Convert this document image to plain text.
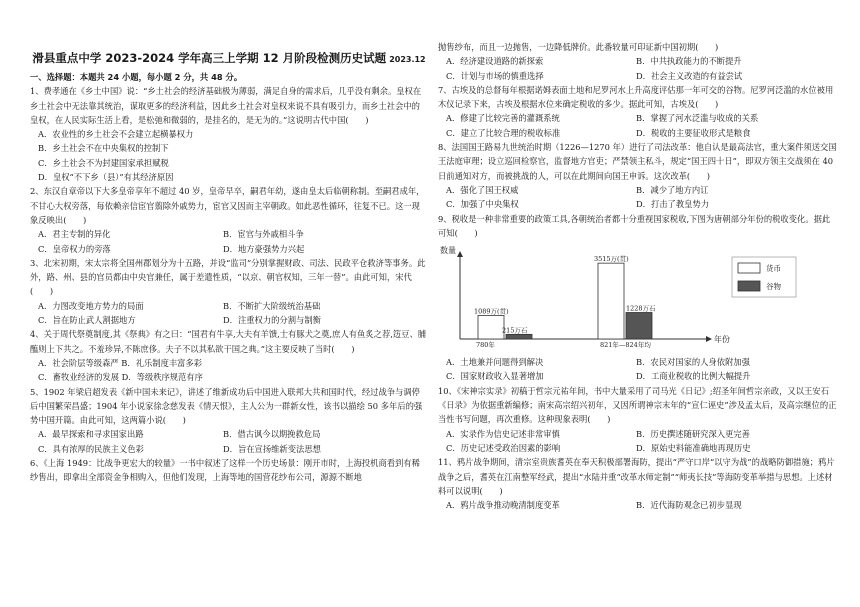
滑县重点中学 2023-2024 学年高三上学期 12 月阶段检测历史试题 2023.12

一、选择题：本题共 24 小题，每小题 2 分，共 48 分。

1、费孝通在《乡土中国》说：“乡土社会的经济基础极为薄弱，满足自身的需求后，几乎没有剩余。皇权在乡土社会中无法靠其统治，谋取更多的经济利益，因此乡土社会对皇权来说不具有吸引力，而乡土社会中的皇权，在人民实际生活上看，是松弛和微弱的，是挂名的，是无为的。”这说明古代中国(　　)

A．农业性的乡土社会不会建立起横暴权力

B．乡土社会不在中央集权的控制下

C．乡土社会不为封建国家承担赋税

D．皇权“不下乡（县）”有其经济原因

2、东汉自章帝以下大多皇帝享年不超过 40 岁，皇帝早卒，嗣君年幼，遂由皇太后临朝称制。至嗣君成年，不甘心大权旁落，每依赖亲信宦官翦除外戚势力，宦官又因而主宰朝政。如此恶性循环，往复不已。这一现象反映出(　　)

A．君主专制的异化	B．宦官与外戚相斗争
C．皇帝权力的旁落	D．地方豪强势力兴起

3、北宋初期，宋太宗将全国州郡划分为十五路，并设“监司”分别掌握财政、司法、民政平仓救济等事务。此外，路、州、县的官员都由中央官兼任，属于差遣性质，“以京、朝官权知，三年一替”。由此可知，宋代(　　)

A．力图改变地方势力的局面	B．不断扩大阶级统治基础
C．旨在防止武人割据地方	D．注重权力的分割与制衡

4、关于周代祭奠制度,其《祭典》有之曰：“国君有牛享,大夫有羊馈,士有豚犬之奠,庶人有鱼炙之荐,笾豆、脯醢则上下共之。不羞珍异,不陈庶侈。夫子不以其私欲干国之典。”这主要反映了当时(　　)

A．社会阶层等级森严 B．礼乐制度丰富多彩

C．畜牧业经济的发展 D．等级秩序规范有序

5、1902 年梁启超发表《新中国未来记》，讲述了维新成功后中国进入联邦大共和国时代，经过战争与调停后中国繁荣昌盛；1904 年小说家徐念慈发表《情天恨》，主人公为一群新女性，该书以描绘 50 多年后的强势中国开篇。由此可知，这两篇小说(　　)

A．最早探索和寻求国家出路	B．借古讽今以期挽救危局
C．具有浓厚的民族主义色彩	D．旨在宣扬维新变法思想

6、《上海 1949：比战争更宏大的较量》一书中叙述了这样一个历史场景：刚开市时，上海投机商看到有稀纱售出，即拿出全部资金争相购入，但他们发现，上海等地的国营花纱布公司，源源不断地

抛售纱布，而且一边抛售，一边降低牌价。此番较量可印证新中国初期(　　)

A．经济建设道路的新探索	B．中共执政能力的不断提升
C．计划与市场的慎重选择	D．社会主义改造的有益尝试

7、古埃及的总督每年根据诺姆表面土地和尼罗河水上升高度评估那一年可交的谷物。尼罗河泛滥的水位被用木仪记录下来，古埃及根据水位来确定税收的多少。据此可知，古埃及(　　)

A．修建了比较完善的灌溉系统	B．掌握了河水泛滥与收成的关系
C．建立了比较合理的税收标准	D．税收的主要征收形式是粮食

8、法国国王路易九世统治时期（1226—1270 年）进行了司法改革：他自认是最高法官，重大案件须送交国王法庭审理；设立巡回检察官，监督地方官吏；严禁领主私斗，规定“国王四十日”，即双方领主交战须在 40 日前通知对方，而被挑战的人，可以在此期间向国王申诉。这次改革(　　)

A．强化了国王权威	B．减少了地方内讧
C．加强了中央集权	D．打击了教皇势力

9、税收是一种非常重要的政策工具,各朝统治者都十分重视国家税收,下图为唐朝部分年份的税收变化。据此可知(　　)

数量
年份
1089万(贯)
215万石
780年
3515万(贯)
1228万石
821年—824年均
货币
谷物
A．土地兼并问题得到解决	B．农民对国家的人身依附加强
C．国家财政收入显著增加	D．工商业税收的比例大幅提升

10、《宋神宗实录》初稿于哲宗元祐年间，书中大量采用了司马光《日记》;绍圣年间哲宗亲政，又以王安石《日录》为依据重新编修；南宋高宗绍兴初年，又因所谓神宗末年的“宣仁诬史”涉及孟太后，及高宗继位的正当性书写问题，再次重修。这种现象表明(　　)

A．实录作为信史记述非常审慎	B．历史撰述随研究深入更完善
C．历史记述受政治因素的影响	D．原始史料能准确地再现历史

11、鸦片战争期间，清宗室贵族耆英在奉天积极部署海防，提出“严守口岸“以守为战”的战略防御措施；鸦片战争之后，耆英在江南整军经武，提出“水陆并重“改革水师定制”“师夷长技”等海防变革举措与思想。上述材料可以说明(　　)

A．鸦片战争推动晚清制度变革	B．近代海防观念已初步显现
